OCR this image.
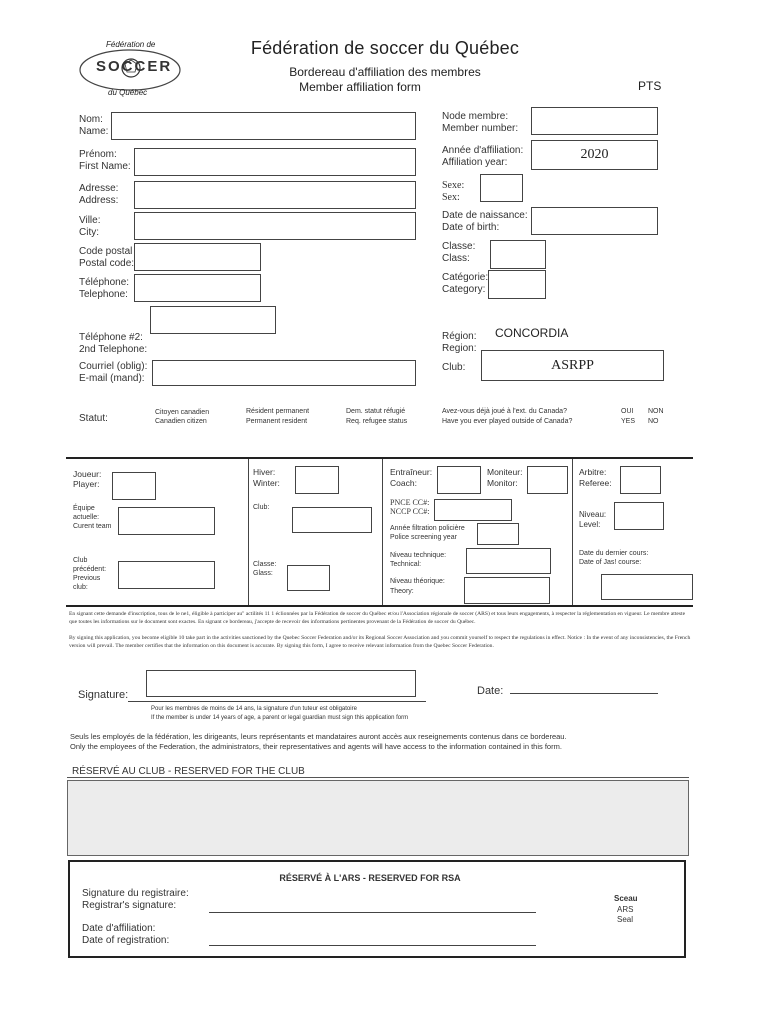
Fédération de
SOCCER
du Québec
Fédération de soccer du Québec
Bordereau d'affiliation des membres
Member affiliation form	PTS
Nom:
Name:
Prénom:
First Name:
Adresse:
Address:
Ville:
City:
Code postal
Postal code:
Téléphone:
Telephone:
Téléphone #2:
2nd Telephone:
Courriel (oblig):
E-mail (mand):
Node membre:
Member number:
Année d'affiliation:
Affiliation year:
2020
Sexe:
Sex:
Date de naissance:
Date of birth:
Classe:
Class:
Catégorie:
Category:
Région:
Region:
CONCORDIA
Club:	ASRPP
Statut:
Citoyen canadien
Canadien citizen
Résident permanent
Permanent resident
Dem. statut réfugié
Req. refugee status
Avez-vous déjà joué à l'ext. du Canada?
Have you ever played outside of Canada?
OUI
YES
NON
NO
Joueur:
Player:
Équipe
actuelle:
Curent team
Club
précédent:
Previous
club:
Hiver:
Winter:
Club:
Classe:
Glass:
Entraîneur:
Coach:
Moniteur:
Monitor:
PNCE CC#:
NCCP CC#:
Année filtration policière
Police screening year
Niveau technique:
Technical:
Niveau théorique:
Theory:
Arbitre:
Referee:
Niveau:
Level:
Date du dernier cours:
Date of Jas! course:
En signant cette demande d'inscription, tous de le ne1, éligible à participer au" actilités 11 1 éclionnées par la Fédération de soccer du Québec et/ou l'Association régionale de soccer (ARS) et tous leurs engagements, à respecter la réglementation en vigueur. Le membre atteste que toutes les informations sur le document sont exactes. En signant ce bordereau, j'accepte de recevoir des informations pertinentes provenant de la Fédération de soccer du Québec.
By signing this application, you become eligible 10 take part in the activities sanctioned by the Quebec Soccer Federation and/or its Regional Soccer Association and you commit yourself to respect the regulations in effect. Notice : In the event of any inconsistencies, the French version will prevail. The member certifies that the information on this document is accurate. By signing this form, I agree to receive relevant information from the Quebec Soccer Federation.
Signature:	Date:
Pour les membres de moins de 14 ans, la signature d'un tuteur est obligatoire
If the member is under 14 years of age, a parent or legal guardian must sign this application form
Seuls les employés de la fédération, les dirigeants, leurs représentants et mandataires auront accès aux reseignements contenus dans ce bordereau.
Only the employees of the Federation, the administrators, their representatives and agents will have access to the information contained in this form.
RÉSERVÉ AU CLUB - RESERVED FOR THE CLUB
RÉSERVÉ À L'ARS - RESERVED FOR RSA
Signature du registraire:
Registrar's signature:
Date d'affiliation:
Date of registration:
Sceau
ARS
Seal
